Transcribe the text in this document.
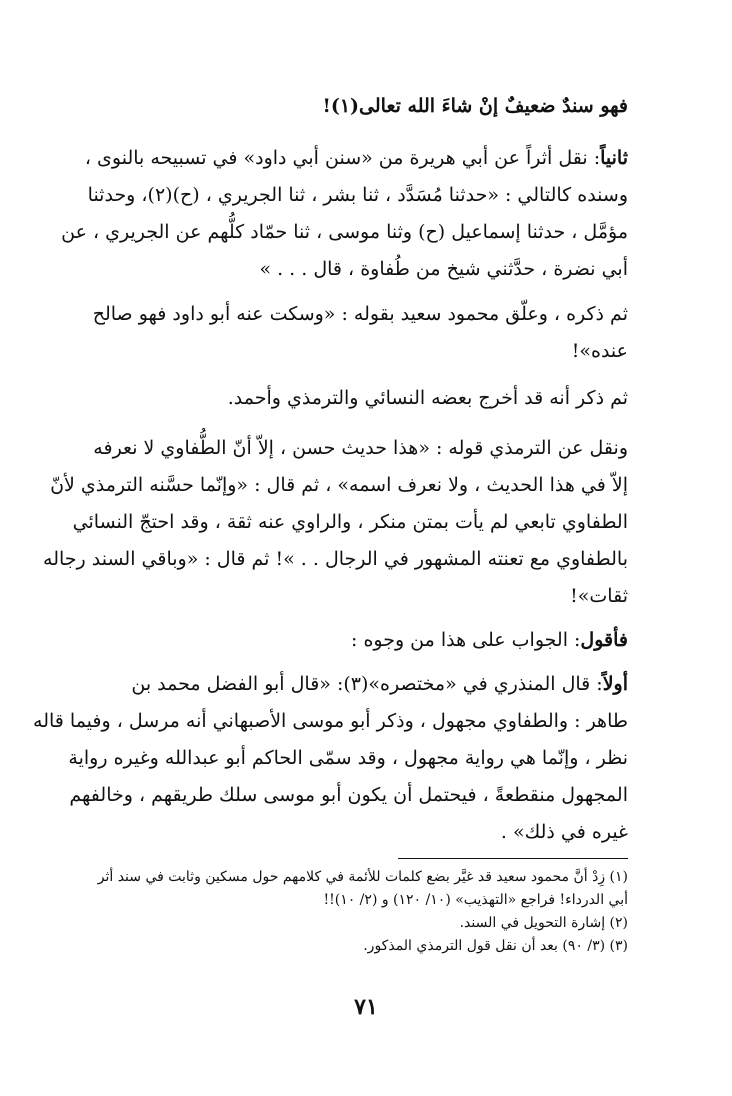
فهو سندٌ ضعيفٌ إنْ شاءَ الله تعالى(١)!
ثانياً: نقل أثراً عن أبي هريرة من «سنن أبي داود» في تسبيحه بالنوى ،
وسنده كالتالي : «حدثنا مُسَدَّد ، ثنا بشر ، ثنا الجريري ، (ح)(٢)، وحدثنا
مؤمَّل ، حدثنا إسماعيل (ح) وثنا موسى ، ثنا حمّاد كلُّهم عن الجريري ، عن
أبي نضرة ، حدَّثني شيخ من طُفاوة ، قال . . . »
ثم ذكره ، وعلّق محمود سعيد بقوله : «وسكت عنه أبو داود فهو صالح
عنده»!
ثم ذكر أنه قد أخرج بعضه النسائي والترمذي وأحمد.
ونقل عن الترمذي قوله : «هذا حديث حسن ، إلاّ أنّ الطُّفاوي لا نعرفه
إلاّ في هذا الحديث ، ولا نعرف اسمه» ، ثم قال : «وإنّما حسَّنه الترمذي لأنّ
الطفاوي تابعي لم يأت بمتن منكر ، والراوي عنه ثقة ، وقد احتجّ النسائي
بالطفاوي مع تعنته المشهور في الرجال . . »! ثم قال : «وباقي السند رجاله
ثقات»!
فأقول: الجواب على هذا من وجوه :
أولاً: قال المنذري في «مختصره»(٣): «قال أبو الفضل محمد بن
طاهر : والطفاوي مجهول ، وذكر أبو موسى الأصبهاني أنه مرسل ، وفيما قاله
نظر ، وإنّما هي رواية مجهول ، وقد سمّى الحاكم أبو عبدالله وغيره رواية
المجهول منقطعةً ، فيحتمل أن يكون أبو موسى سلك طريقهم ، وخالفهم
غيره في ذلك» .
(١) زِدْ أنَّ محمود سعيد قد غيَّر بضع كلمات للأئمة في كلامهم حول مسكين وثابت في سند أثر
أبي الدرداء! فراجع «التهذيب» (١٠/ ١٢٠) و (٢/ ١٠)!!
(٢) إشارة التحويل في السند.
(٣) (٣/ ٩٠) بعد أن نقل قول الترمذي المذكور.
٧١
